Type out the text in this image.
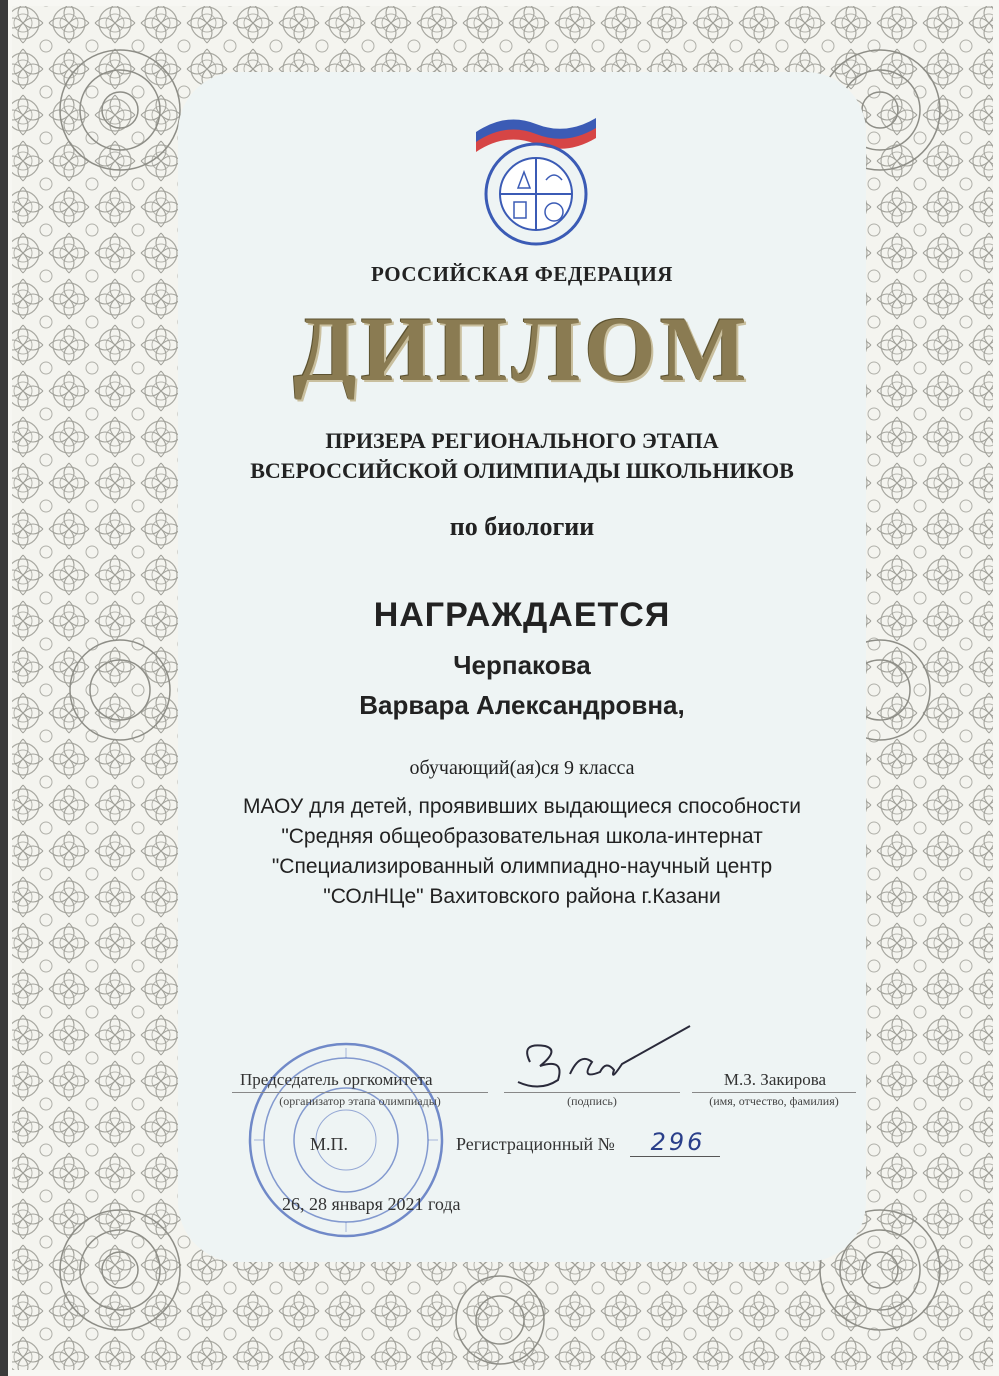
РОССИЙСКАЯ ФЕДЕРАЦИЯ
ДИПЛОМ
ПРИЗЕРА РЕГИОНАЛЬНОГО ЭТАПА
ВСЕРОССИЙСКОЙ ОЛИМПИАДЫ ШКОЛЬНИКОВ
по биологии
НАГРАЖДАЕТСЯ
Черпакова
Варвара Александровна,
обучающий(ая)ся 9 класса
МАОУ для детей, проявивших выдающиеся способности
"Средняя общеобразовательная школа-интернат
"Специализированный олимпиадно-научный центр
"СОлНЦе" Вахитовского района г.Казани
Председатель оргкомитета
(организатор этапа олимпиады)	(подпись)
М.З. Закирова
(имя, отчество, фамилия)
М.П.	Регистрационный №	296
26, 28 января 2021 года
